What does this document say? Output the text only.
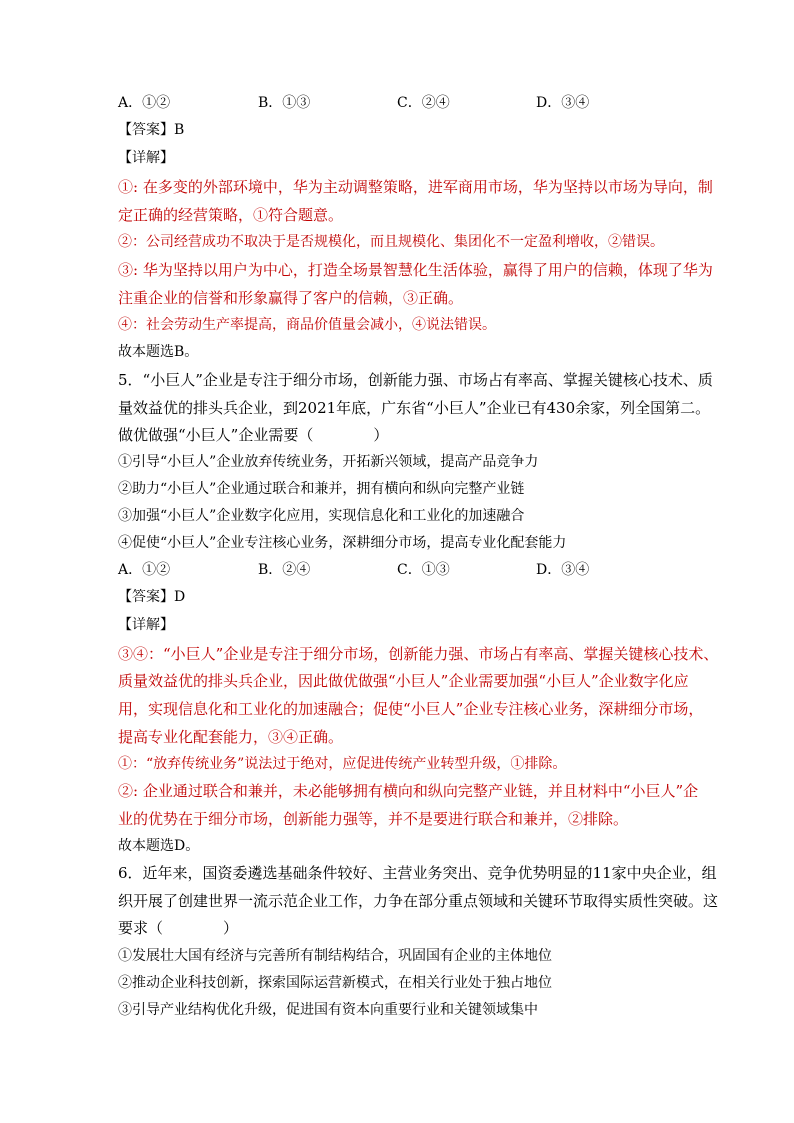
A．①②	B．①③	C．②④	D．③④
【答案】B
【详解】
①: 在多变的外部环境中，华为主动调整策略，进军商用市场，华为坚持以市场为导向，制
定正确的经营策略，①符合题意。
②：公司经营成功不取决于是否规模化，而且规模化、集团化不一定盈利增收，②错误。
③: 华为坚持以用户为中心，打造全场景智慧化生活体验，赢得了用户的信赖，体现了华为
注重企业的信誉和形象赢得了客户的信赖，③正确。
④：社会劳动生产率提高，商品价值量会减小，④说法错误。
故本题选B。
5．“小巨人”企业是专注于细分市场，创新能力强、市场占有率高、掌握关键核心技术、质
量效益优的排头兵企业，到2021年底，广东省“小巨人”企业已有430余家，列全国第二。
做优做强“小巨人”企业需要（　　　　）
①引导“小巨人”企业放弃传统业务，开拓新兴领域，提高产品竞争力
②助力“小巨人”企业通过联合和兼并，拥有横向和纵向完整产业链
③加强“小巨人”企业数字化应用，实现信息化和工业化的加速融合
④促使“小巨人”企业专注核心业务，深耕细分市场，提高专业化配套能力
A．①②	B．②④	C．①③	D．③④
【答案】D
【详解】
③④：“小巨人”企业是专注于细分市场，创新能力强、市场占有率高、掌握关键核心技术、
质量效益优的排头兵企业，因此做优做强“小巨人”企业需要加强“小巨人”企业数字化应
用，实现信息化和工业化的加速融合；促使“小巨人”企业专注核心业务，深耕细分市场，
提高专业化配套能力，③④正确。
①：“放弃传统业务”说法过于绝对，应促进传统产业转型升级，①排除。
②: 企业通过联合和兼并，未必能够拥有横向和纵向完整产业链，并且材料中“小巨人”企
业的优势在于细分市场，创新能力强等，并不是要进行联合和兼并，②排除。
故本题选D。
6．近年来，国资委遴选基础条件较好、主营业务突出、竞争优势明显的11家中央企业，组
织开展了创建世界一流示范企业工作，力争在部分重点领域和关键环节取得实质性突破。这
要求（　　　　）
①发展壮大国有经济与完善所有制结构结合，巩固国有企业的主体地位
②推动企业科技创新，探索国际运营新模式，在相关行业处于独占地位
③引导产业结构优化升级，促进国有资本向重要行业和关键领域集中
